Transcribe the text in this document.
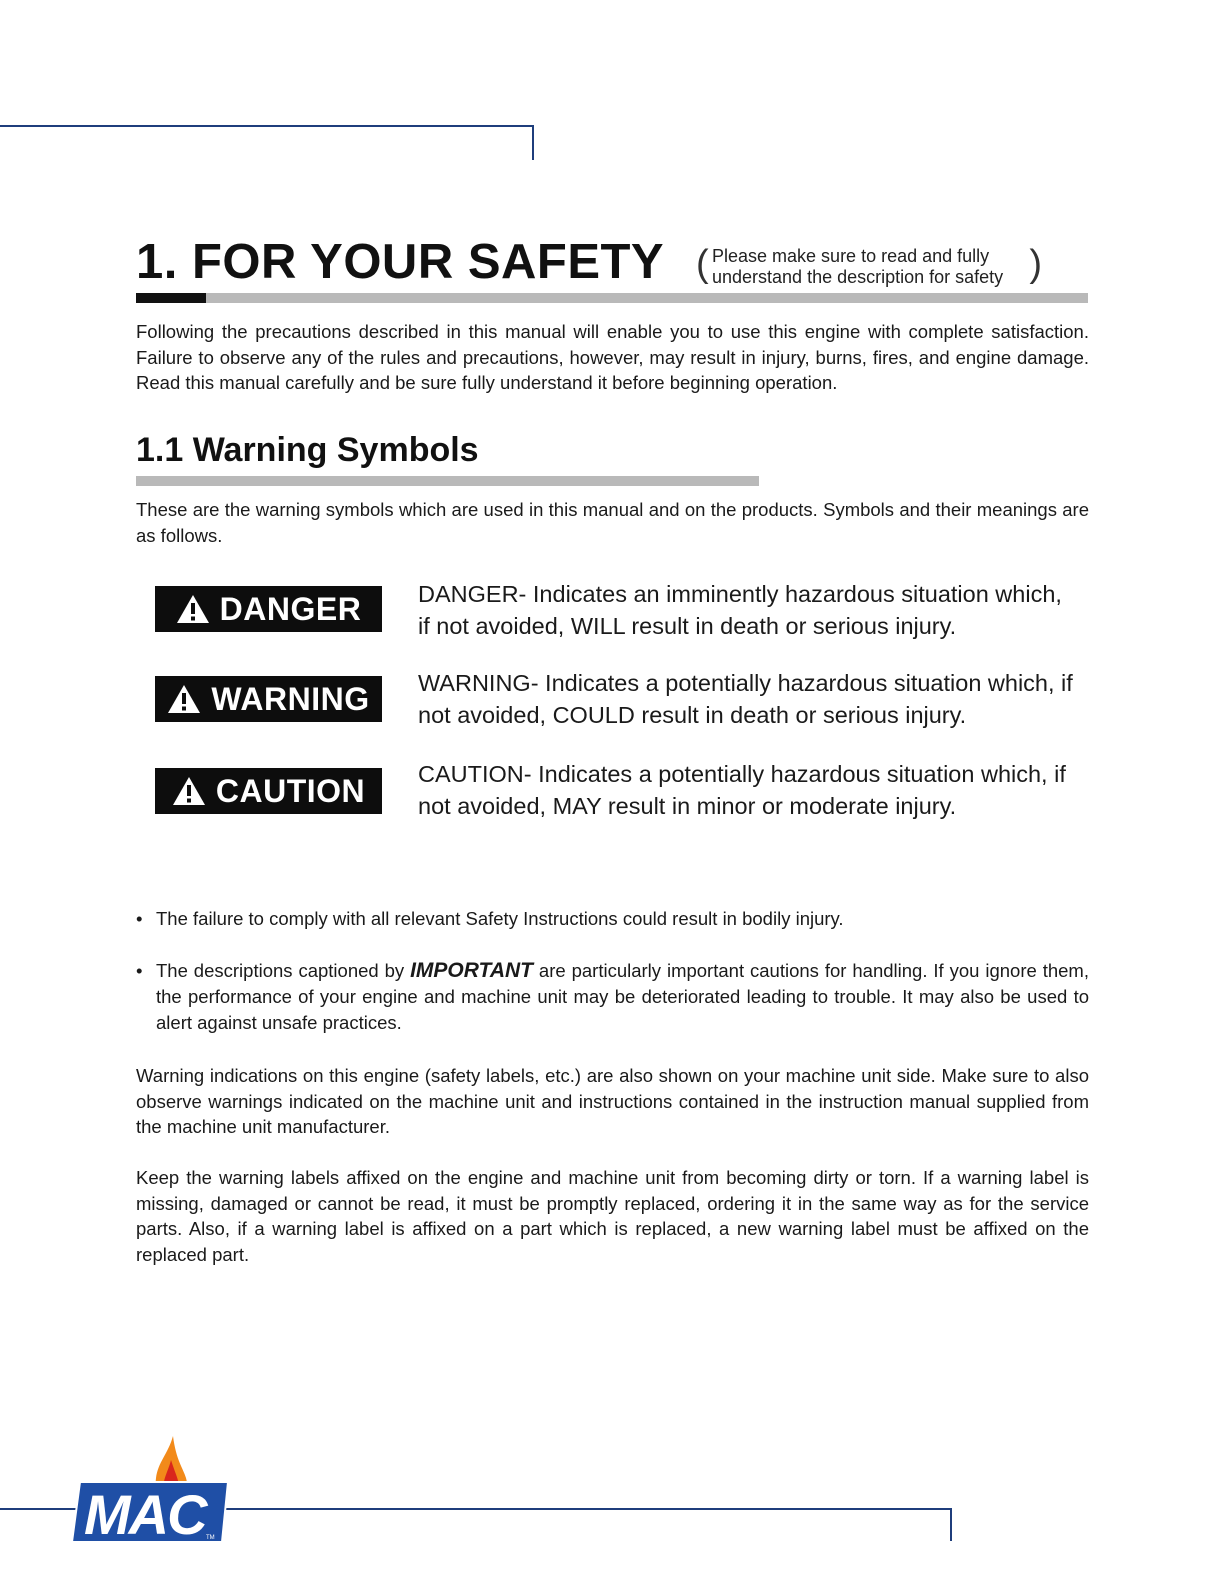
1. FOR YOUR SAFETY ( Please make sure to read and fully
understand the description for safety )

Following the precautions described in this manual will enable you to use this engine with complete satisfaction. Failure to observe any of the rules and precautions, however, may result in injury, burns, fires, and engine damage. Read this manual carefully and be sure fully understand it before beginning operation.

1.1 Warning Symbols

These are the warning symbols which are used in this manual and on the products. Symbols and their meanings are as follows.

DANGER DANGER- Indicates an imminently hazardous situation which,
if not avoided, WILL result in death or serious injury.
WARNING WARNING- Indicates a potentially hazardous situation which, if
not avoided, COULD result in death or serious injury.
CAUTION CAUTION- Indicates a potentially hazardous situation which, if
not avoided, MAY result in minor or moderate injury.
• The failure to comply with all relevant Safety Instructions could result in bodily injury.
• The descriptions captioned by IMPORTANT are particularly important cautions for handling. If you ignore them, the performance of your engine and machine unit may be deteriorated leading to trouble. It may also be used to alert against unsafe practices.

Warning indications on this engine (safety labels, etc.) are also shown on your machine unit side. Make sure to also observe warnings indicated on the machine unit and instructions contained in the instruction manual supplied from the machine unit manufacturer.

Keep the warning labels affixed on the engine and machine unit from becoming dirty or torn. If a warning label is missing, damaged or cannot be read, it must be promptly replaced, ordering it in the same way as for the service parts. Also, if a warning label is affixed on a part which is replaced, a new warning label must be affixed on the replaced part.

MAC TM
